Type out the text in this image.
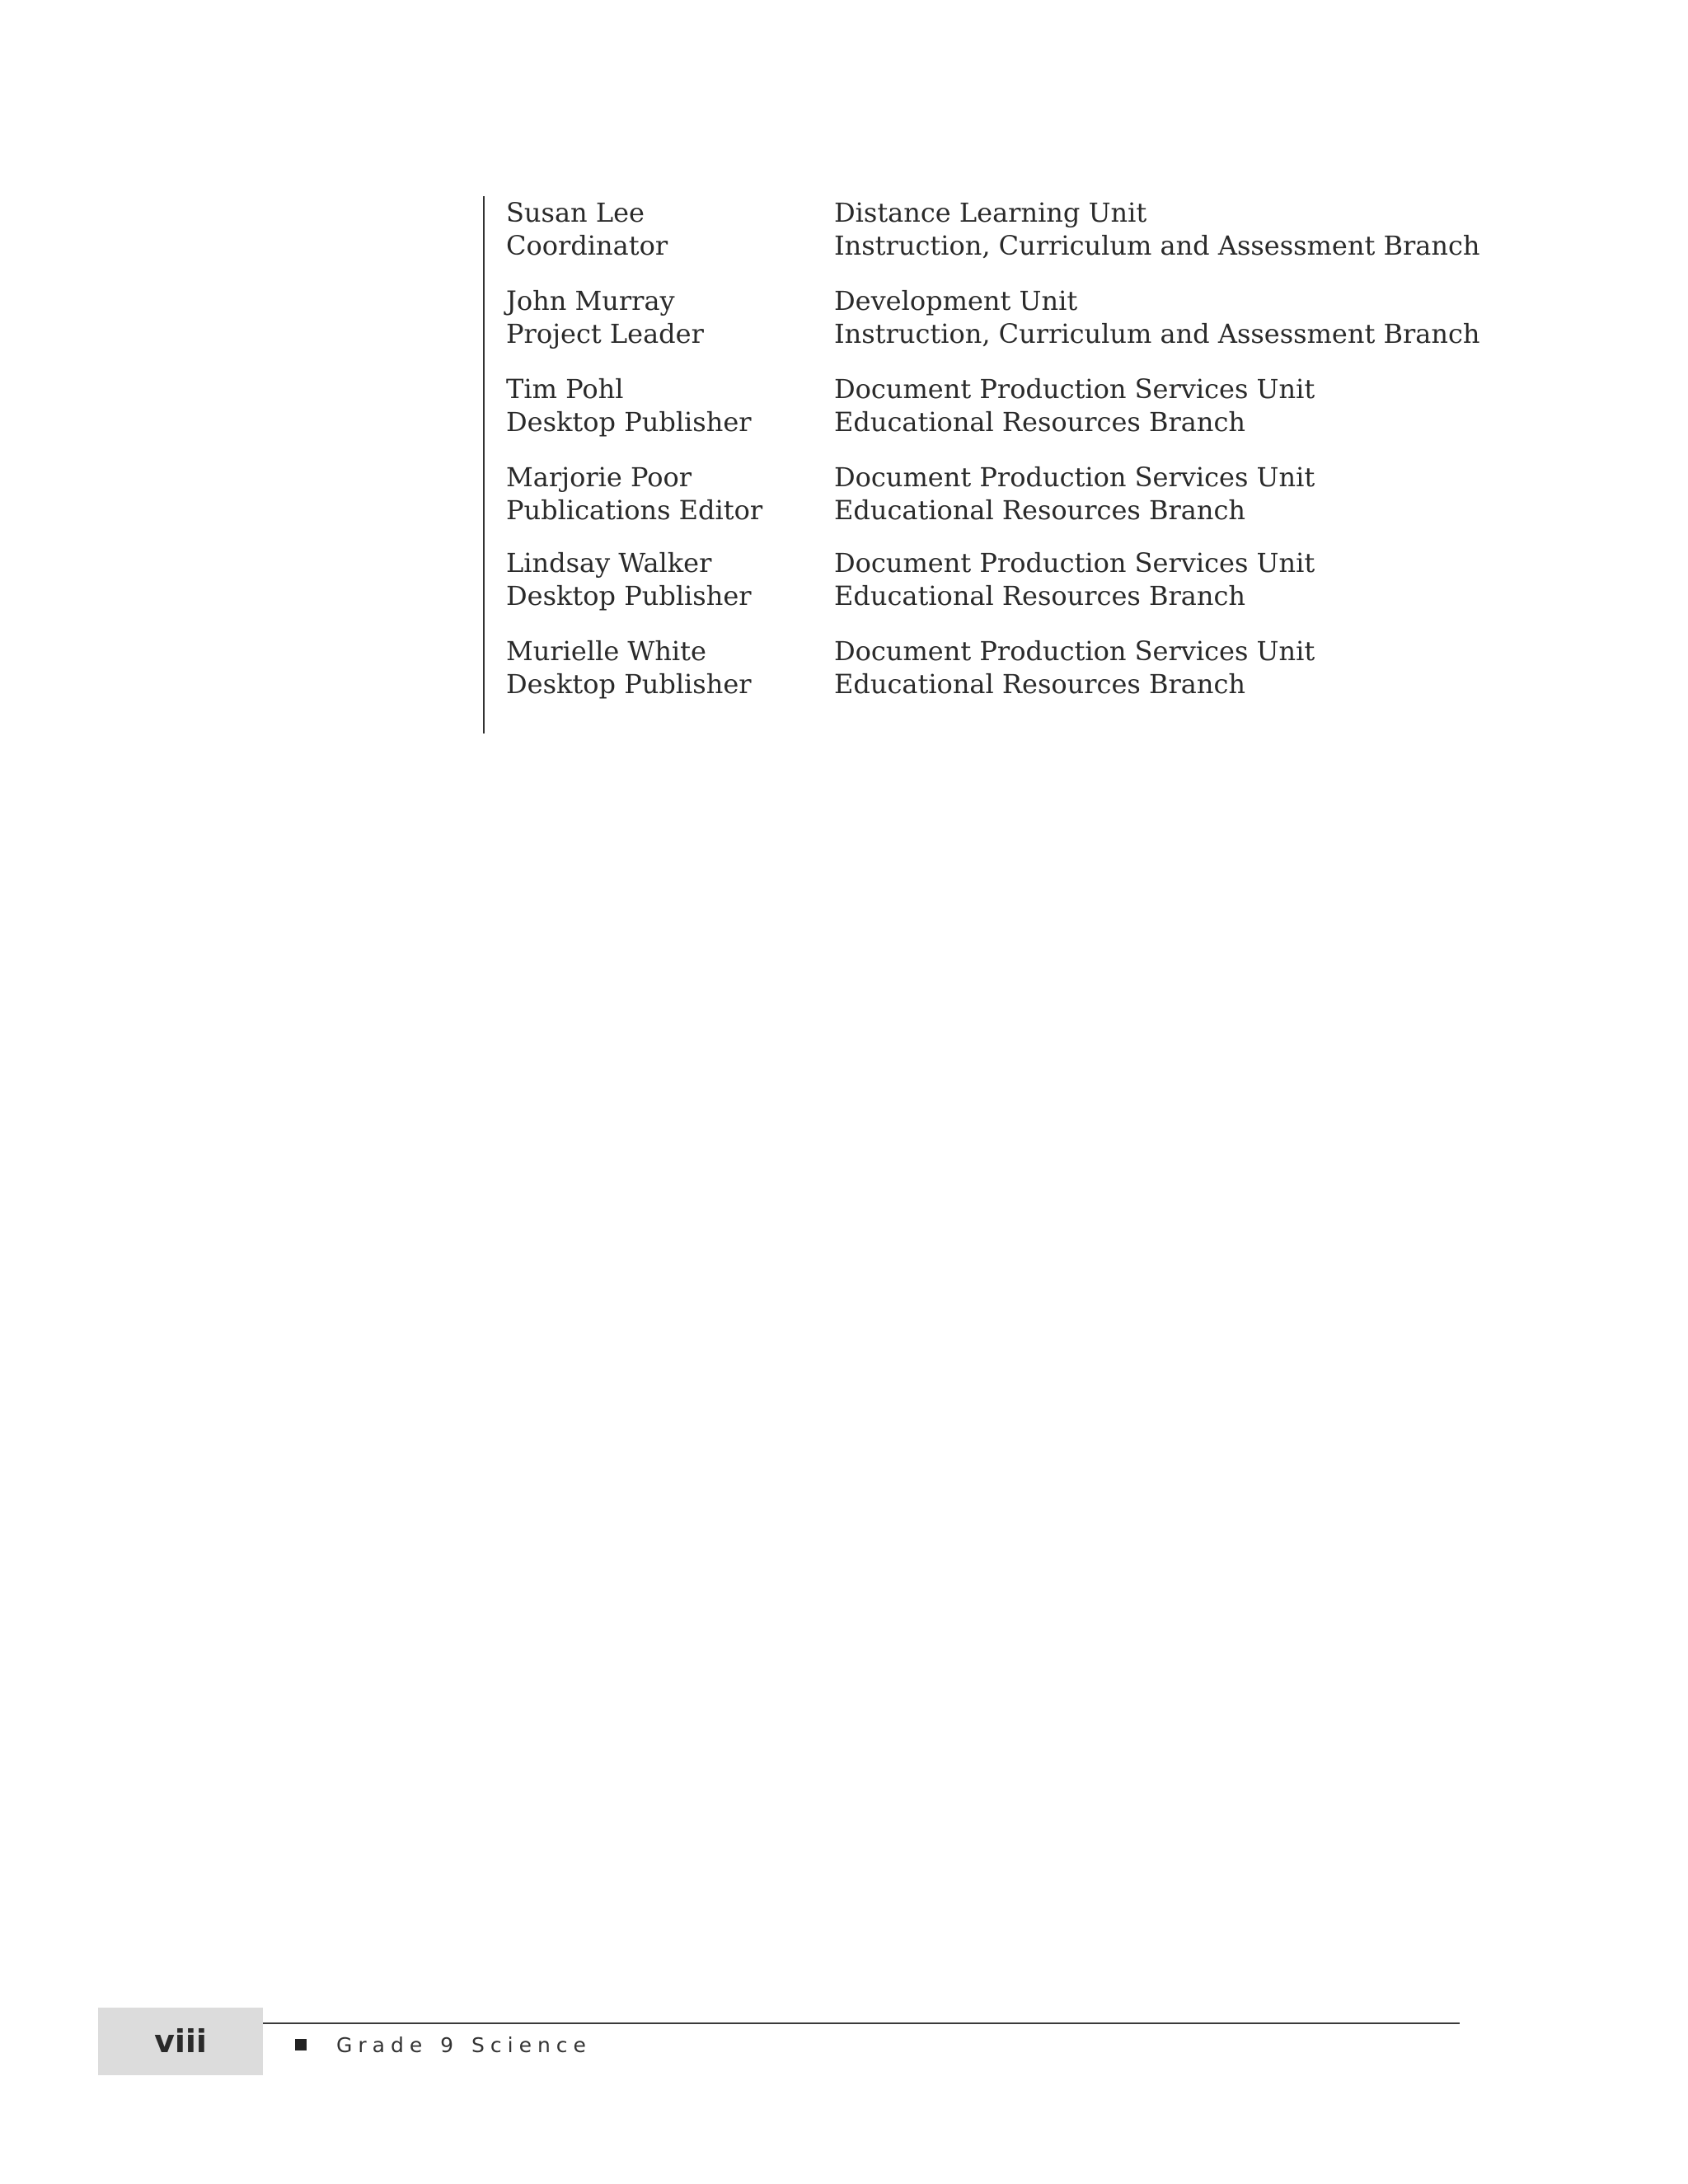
Susan Lee
Coordinator
Distance Learning Unit
Instruction, Curriculum and Assessment Branch
John Murray
Project Leader
Development Unit
Instruction, Curriculum and Assessment Branch
Tim Pohl
Desktop Publisher
Document Production Services Unit
Educational Resources Branch
Marjorie Poor
Publications Editor
Document Production Services Unit
Educational Resources Branch
Lindsay Walker
Desktop Publisher
Document Production Services Unit
Educational Resources Branch
Murielle White
Desktop Publisher
Document Production Services Unit
Educational Resources Branch
viii	Grade 9 Science
